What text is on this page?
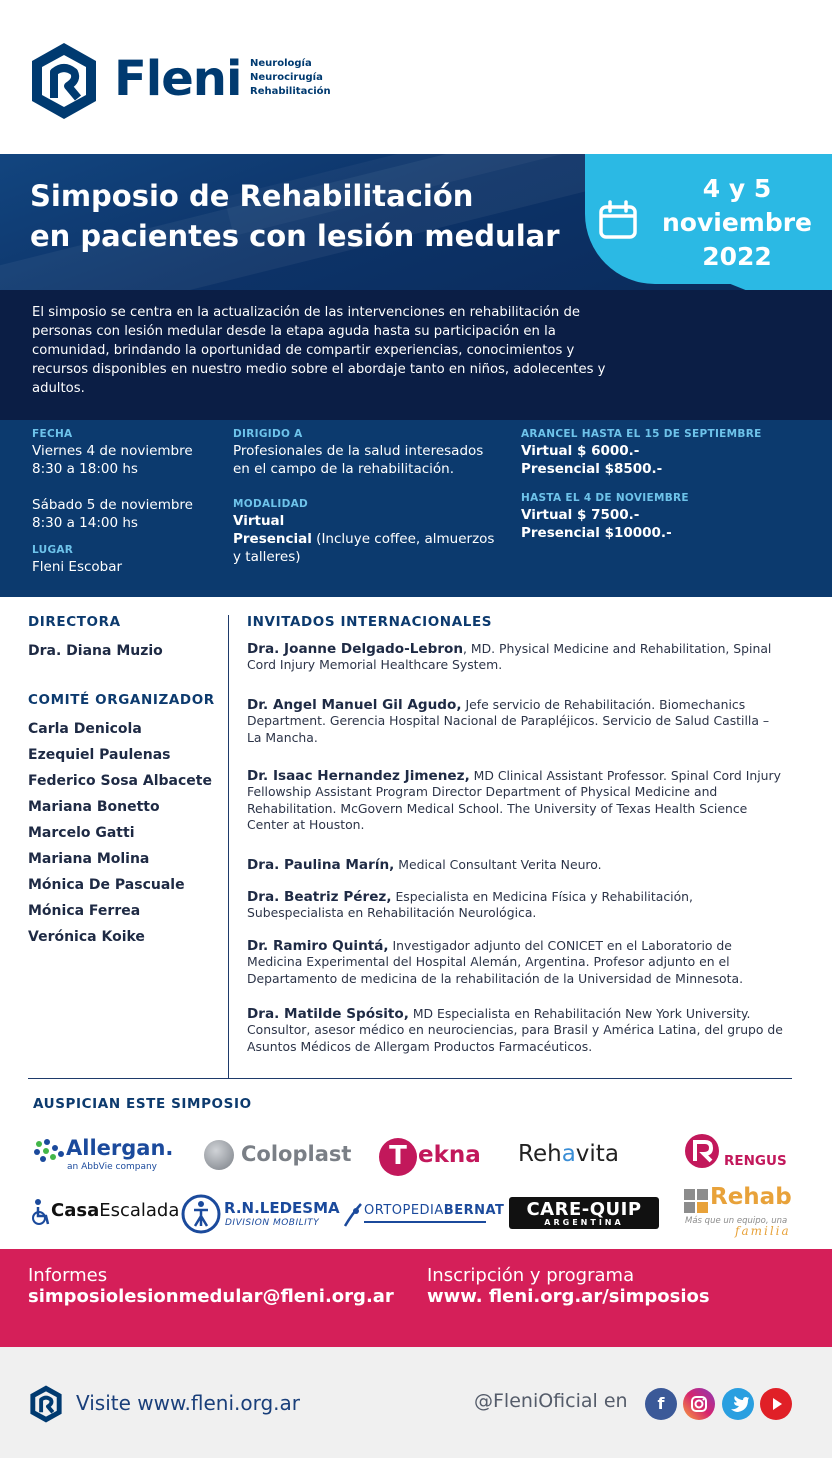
Fleni Neurología
Neurocirugía
Rehabilitación
Simposio de Rehabilitación
en pacientes con lesión medular
4 y 5
noviembre
2022

El simposio se centra en la actualización de las intervenciones en rehabilitación de personas con lesión medular desde la etapa aguda hasta su participación en la comunidad, brindando la oportunidad de compartir experiencias, conocimientos y recursos disponibles en nuestro medio sobre el abordaje tanto en niños, adolecentes y adultos.

FECHA
Viernes 4 de noviembre
8:30 a 18:00 hs
Sábado 5 de noviembre
8:30 a 14:00 hs
LUGAR
Fleni Escobar
DIRIGIDO A
Profesionales de la salud interesados
en el campo de la rehabilitación.
MODALIDAD
Virtual
Presencial (Incluye coffee, almuerzos
y talleres)
ARANCEL HASTA EL 15 DE SEPTIEMBRE
Virtual $ 6000.-
Presencial $8500.-
HASTA EL 4 DE NOVIEMBRE
Virtual $ 7500.-
Presencial $10000.-
DIRECTORA
Dra. Diana Muzio
COMITÉ ORGANIZADOR
Carla Denicola
Ezequiel Paulenas
Federico Sosa Albacete
Mariana Bonetto
Marcelo Gatti
Mariana Molina
Mónica De Pascuale
Mónica Ferrea
Verónica Koike
INVITADOS INTERNACIONALES
Dra. Joanne Delgado-Lebron, MD. Physical Medicine and Rehabilitation, Spinal Cord Injury Memorial Healthcare System.
Dr. Angel Manuel Gil Agudo, Jefe servicio de Rehabilitación. Biomechanics Department. Gerencia Hospital Nacional de Parapléjicos. Servicio de Salud Castilla – La Mancha.
Dr. Isaac Hernandez Jimenez, MD Clinical Assistant Professor. Spinal Cord Injury Fellowship Assistant Program Director Department of Physical Medicine and Rehabilitation. McGovern Medical School. The University of Texas Health Science Center at Houston.
Dra. Paulina Marín, Medical Consultant Verita Neuro.
Dra. Beatriz Pérez, Especialista en Medicina Física y Rehabilitación, Subespecialista en Rehabilitación Neurológica.
Dr. Ramiro Quintá, Investigador adjunto del CONICET en el Laboratorio de Medicina Experimental del Hospital Alemán, Argentina. Profesor adjunto en el Departamento de medicina de la rehabilitación de la Universidad de Minnesota.
Dra. Matilde Spósito, MD Especialista en Rehabilitación New York University. Consultor, asesor médico en neurociencias, para Brasil y América Latina, del grupo de Asuntos Médicos de Allergam Productos Farmacéuticos.
AUSPICIAN ESTE SIMPOSIO
Allergan.
an AbbVie company
Coloplast	T ekna Rehavita	RENGUS
CasaEscalada	R.N.LEDESMA
DIVISION MOBILITY
ORTOPEDIABERNAT	CARE-QUIP
ARGENTINA
Rehab
Más que un equipo, una
familia
Informes
simposiolesionmedular@fleni.org.ar
Inscripción y programa
www. fleni.org.ar/simposios
Visite www.fleni.org.ar	@FleniOficial en	f
